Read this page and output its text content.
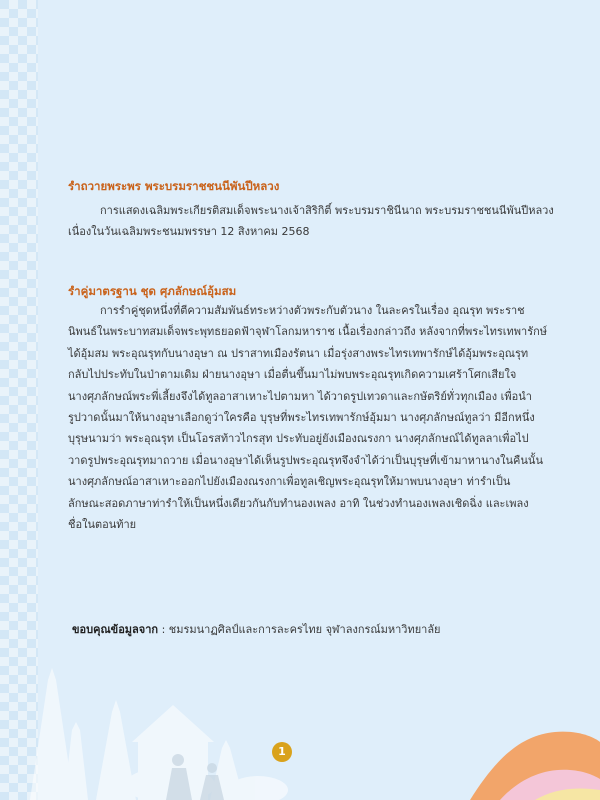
รำถวายพระพร พระบรมราชชนนีพันปีหลวง

การแสดงเฉลิมพระเกียรติสมเด็จพระนางเจ้าสิริกิติ์ พระบรมราชินีนาถ พระบรมราชชนนีพันปีหลวง
เนื่องในวันเฉลิมพระชนมพรรษา 12 สิงหาคม 2568

รำคู่มาตรฐาน ชุด ศุภลักษณ์อุ้มสม

การรำคู่ชุดหนึ่งที่ตีความสัมพันธ์ทระหว่างตัวพระกับตัวนาง ในละครในเรื่อง อุณรุท พระราช
นิพนธ์ในพระบาทสมเด็จพระพุทธยอดฟ้าจุฬาโลกมหาราช เนื้อเรื่องกล่าวถึง หลังจากที่พระไทรเทพารักษ์
ได้อุ้มสม พระอุณรุทกับนางอุษา ณ ปราสาทเมืองรัตนา เมื่อรุ่งสางพระไทรเทพารักษ์ได้อุ้มพระอุณรุท
กลับไปประทับในป่าตามเดิม ฝ่ายนางอุษา เมื่อตื่นขึ้นมาไม่พบพระอุณรุทเกิดความเศร้าโศกเสียใจ
นางศุภลักษณ์พระพี่เลี้ยงจึงได้ทูลอาสาเหาะไปตามหา ได้วาดรูปเทวดาและกษัตริย์ทั่วทุกเมือง เพื่อนำ
รูปวาดนั้นมาให้นางอุษาเลือกดูว่าใครคือ บุรุษที่พระไทรเทพารักษ์อุ้มมา นางศุภลักษณ์ทูลว่า มีอีกหนึ่ง
บุรุษนามว่า พระอุณรุท เป็นโอรสท้าวไกรสุท ประทับอยู่ยังเมืองณรงกา นางศุภลักษณ์ได้ทูลลาเพื่อไป
วาดรูปพระอุณรุทมาถวาย เมื่อนางอุษาได้เห็นรูปพระอุณรุทจึงจำได้ว่าเป็นบุรุษที่เข้ามาหานางในคืนนั้น
นางศุภลักษณ์อาสาเหาะออกไปยังเมืองณรงกาเพื่อทูลเชิญพระอุณรุทให้มาพบนางอุษา ท่ารำเป็น
ลักษณะสอดภาษาท่ารำให้เป็นหนึ่งเดียวกันกับทำนองเพลง อาทิ ในช่วงทำนองเพลงเชิดฉิ่ง และเพลง
ชื่อในตอนท้าย

ขอบคุณข้อมูลจาก : ชมรมนาฏศิลป์และการละครไทย จุฬาลงกรณ์มหาวิทยาลัย

1
